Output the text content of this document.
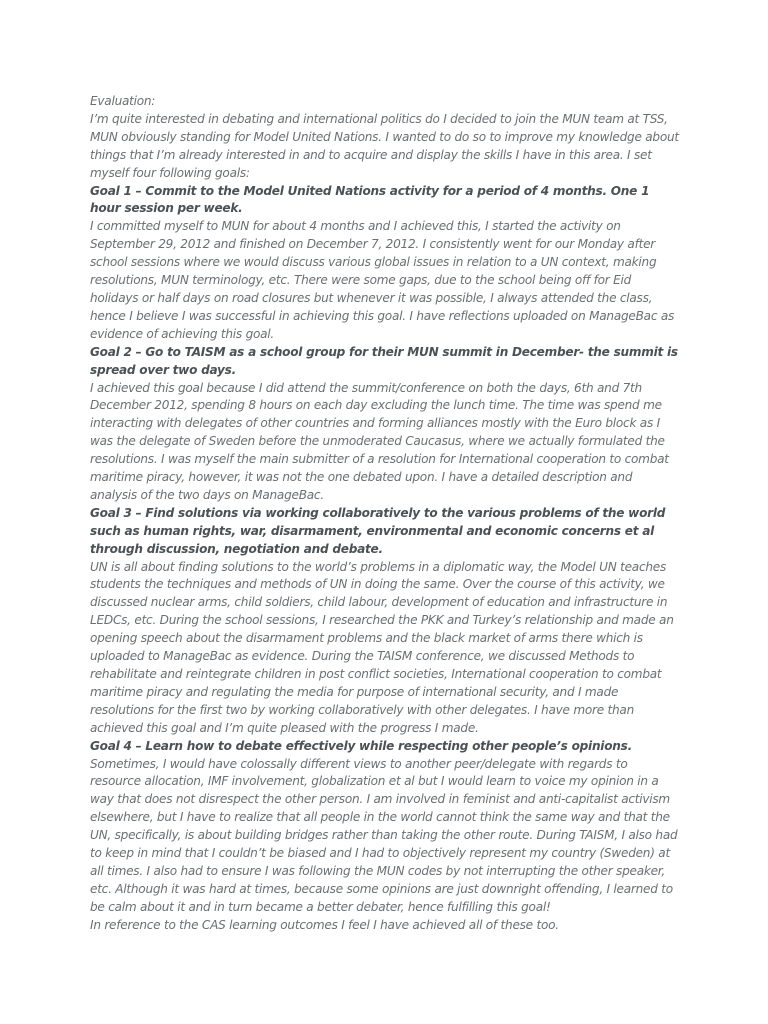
Evaluation:

I’m quite interested in debating and international politics do I decided to join the MUN team at TSS, MUN obviously standing for Model United Nations. I wanted to do so to improve my knowledge about things that I’m already interested in and to acquire and display the skills I have in this area. I set myself four following goals:

Goal 1 – Commit to the Model United Nations activity for a period of 4 months. One 1 hour session per week.

I committed myself to MUN for about 4 months and I achieved this, I started the activity on September 29, 2012 and finished on December 7, 2012. I consistently went for our Monday after school sessions where we would discuss various global issues in relation to a UN context, making resolutions, MUN terminology, etc. There were some gaps, due to the school being off for Eid holidays or half days on road closures but whenever it was possible, I always attended the class, hence I believe I was successful in achieving this goal. I have reflections uploaded on ManageBac as evidence of achieving this goal.

Goal 2 – Go to TAISM as a school group for their MUN summit in December- the summit is spread over two days.

I achieved this goal because I did attend the summit/conference on both the days, 6th and 7th December 2012, spending 8 hours on each day excluding the lunch time. The time was spend me interacting with delegates of other countries and forming alliances mostly with the Euro block as I was the delegate of Sweden before the unmoderated Caucasus, where we actually formulated the resolutions. I was myself the main submitter of a resolution for International cooperation to combat maritime piracy, however, it was not the one debated upon. I have a detailed description and analysis of the two days on ManageBac.

Goal 3 – Find solutions via working collaboratively to the various problems of the world such as human rights, war, disarmament, environmental and economic concerns et al through discussion, negotiation and debate.

UN is all about finding solutions to the world’s problems in a diplomatic way, the Model UN teaches students the techniques and methods of UN in doing the same. Over the course of this activity, we discussed nuclear arms, child soldiers, child labour, development of education and infrastructure in LEDCs, etc. During the school sessions, I researched the PKK and Turkey’s relationship and made an opening speech about the disarmament problems and the black market of arms there which is uploaded to ManageBac as evidence. During the TAISM conference, we discussed Methods to rehabilitate and reintegrate children in post conflict societies, International cooperation to combat maritime piracy and regulating the media for purpose of international security, and I made resolutions for the first two by working collaboratively with other delegates. I have more than achieved this goal and I’m quite pleased with the progress I made.

Goal 4 – Learn how to debate effectively while respecting other people’s opinions.

Sometimes, I would have colossally different views to another peer/delegate with regards to resource allocation, IMF involvement, globalization et al but I would learn to voice my opinion in a way that does not disrespect the other person. I am involved in feminist and anti-capitalist activism elsewhere, but I have to realize that all people in the world cannot think the same way and that the UN, specifically, is about building bridges rather than taking the other route. During TAISM, I also had to keep in mind that I couldn’t be biased and I had to objectively represent my country (Sweden) at all times. I also had to ensure I was following the MUN codes by not interrupting the other speaker, etc. Although it was hard at times, because some opinions are just downright offending, I learned to be calm about it and in turn became a better debater, hence fulfilling this goal!

In reference to the CAS learning outcomes I feel I have achieved all of these too.
